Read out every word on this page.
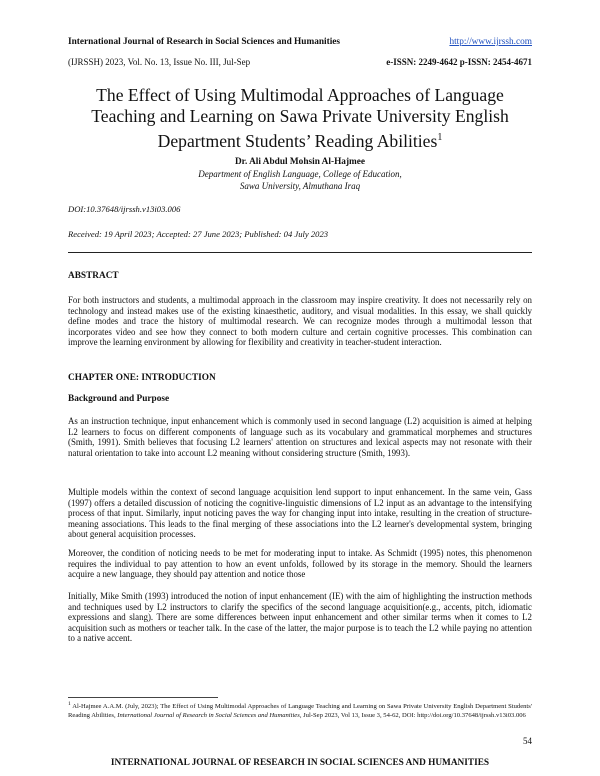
International Journal of Research in Social Sciences and Humanities	http://www.ijrssh.com
(IJRSSH) 2023, Vol. No. 13, Issue No. III, Jul-Sep	e-ISSN: 2249-4642 p-ISSN: 2454-4671
The Effect of Using Multimodal Approaches of Language
Teaching and Learning on Sawa Private University English
Department Students’ Reading Abilities$^1$
Dr. Ali Abdul Mohsin Al-Hajmee
Department of English Language, College of Education,
Sawa University, Almuthana Iraq
DOI:10.37648/ijrssh.v13i03.006
Received: 19 April 2023; Accepted: 27 June 2023; Published: 04 July 2023
ABSTRACT

For both instructors and students, a multimodal approach in the classroom may inspire creativity. It does not necessarily rely on technology and instead makes use of the existing kinaesthetic, auditory, and visual modalities. In this essay, we shall quickly define modes and trace the history of multimodal research. We can recognize modes through a multimodal lesson that incorporates video and see how they connect to both modern culture and certain cognitive processes. This combination can improve the learning environment by allowing for flexibility and creativity in teacher-student interaction.

CHAPTER ONE: INTRODUCTION
Background and Purpose

As an instruction technique, input enhancement which is commonly used in second language (L2) acquisition is aimed at helping L2 learners to focus on different components of language such as its vocabulary and grammatical morphemes and structures (Smith, 1991). Smith believes that focusing L2 learners' attention on structures and lexical aspects may not resonate with their natural orientation to take into account L2 meaning without considering structure (Smith, 1993).

Multiple models within the context of second language acquisition lend support to input enhancement. In the same vein, Gass (1997) offers a detailed discussion of noticing the cognitive-linguistic dimensions of L2 input as an advantage to the intensifying process of that input. Similarly, input noticing paves the way for changing input into intake, resulting in the creation of structure-meaning associations. This leads to the final merging of these associations into the L2 learner's developmental system, bringing about general acquisition processes.

Moreover, the condition of noticing needs to be met for moderating input to intake. As Schmidt (1995) notes, this phenomenon requires the individual to pay attention to how an event unfolds, followed by its storage in the memory. Should the learners acquire a new language, they should pay attention and notice those

Initially, Mike Smith (1993) introduced the notion of input enhancement (IE) with the aim of highlighting the instruction methods and techniques used by L2 instructors to clarify the specifics of the second language acquisition(e.g., accents, pitch, idiomatic expressions and slang). There are some differences between input enhancement and other similar terms when it comes to L2 acquisition such as mothers or teacher talk. In the case of the latter, the major purpose is to teach the L2 while paying no attention to a native accent.

$^1$ Al-Hajmee A.A.M. (July, 2023); The Effect of Using Multimodal Approaches of Language Teaching and Learning on Sawa Private University English Department Students' Reading Abilities, International Journal of Research in Social Sciences and Humanities, Jul-Sep 2023, Vol 13, Issue 3, 54-62, DOI: http://doi.org/10.37648/ijrssh.v13i03.006
54
INTERNATIONAL JOURNAL OF RESEARCH IN SOCIAL SCIENCES AND HUMANITIES
